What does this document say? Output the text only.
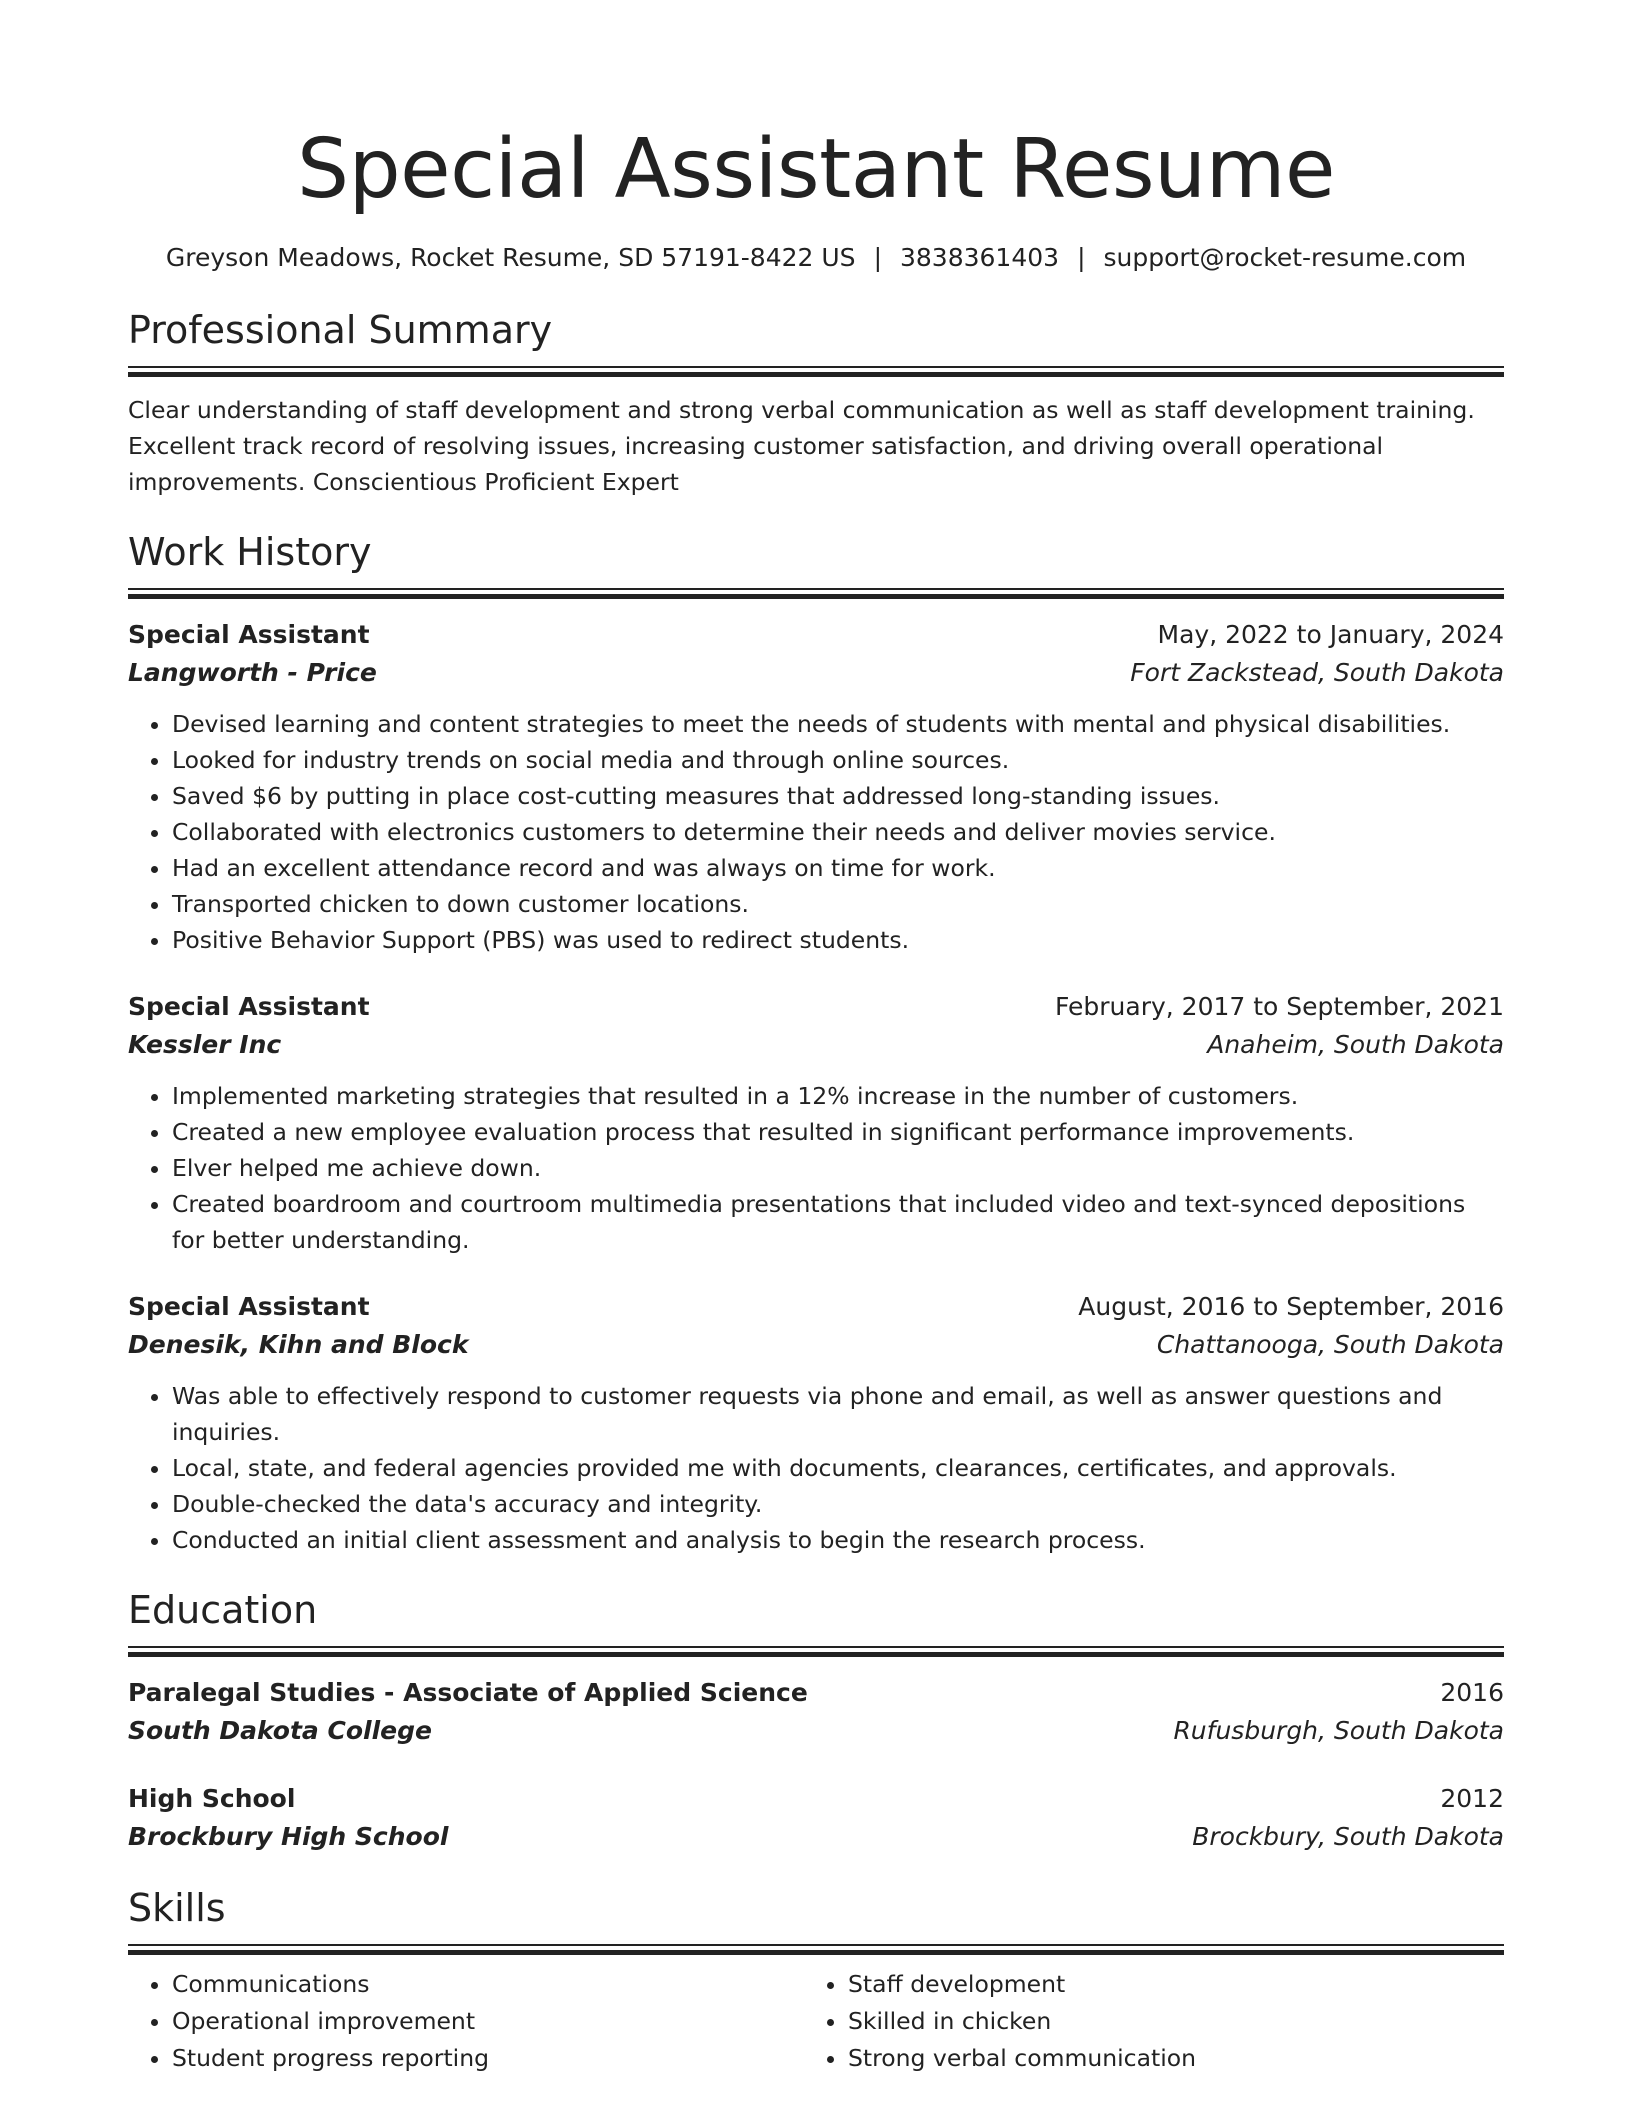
Special Assistant Resume
Greyson Meadows, Rocket Resume, SD 57191-8422 US | 3838361403 | support@rocket-resume.com
Professional Summary
Clear understanding of staff development and strong verbal communication as well as staff development training. Excellent track record of resolving issues, increasing customer satisfaction, and driving overall operational improvements. Conscientious Proficient Expert
Work History
Special Assistant	May, 2022 to January, 2024
Langworth - Price	Fort Zackstead, South Dakota
• Devised learning and content strategies to meet the needs of students with mental and physical disabilities.
• Looked for industry trends on social media and through online sources.
• Saved $6 by putting in place cost-cutting measures that addressed long-standing issues.
• Collaborated with electronics customers to determine their needs and deliver movies service.
• Had an excellent attendance record and was always on time for work.
• Transported chicken to down customer locations.
• Positive Behavior Support (PBS) was used to redirect students.
Special Assistant	February, 2017 to September, 2021
Kessler Inc	Anaheim, South Dakota
• Implemented marketing strategies that resulted in a 12% increase in the number of customers.
• Created a new employee evaluation process that resulted in significant performance improvements.
• Elver helped me achieve down.
• Created boardroom and courtroom multimedia presentations that included video and text-synced depositions for better understanding.
Special Assistant	August, 2016 to September, 2016
Denesik, Kihn and Block	Chattanooga, South Dakota
• Was able to effectively respond to customer requests via phone and email, as well as answer questions and inquiries.
• Local, state, and federal agencies provided me with documents, clearances, certificates, and approvals.
• Double-checked the data's accuracy and integrity.
• Conducted an initial client assessment and analysis to begin the research process.
Education
Paralegal Studies - Associate of Applied Science	2016
South Dakota College	Rufusburgh, South Dakota
High School	2012
Brockbury High School	Brockbury, South Dakota
Skills
• Communications
• Operational improvement
• Student progress reporting
• Staff development
• Skilled in chicken
• Strong verbal communication
